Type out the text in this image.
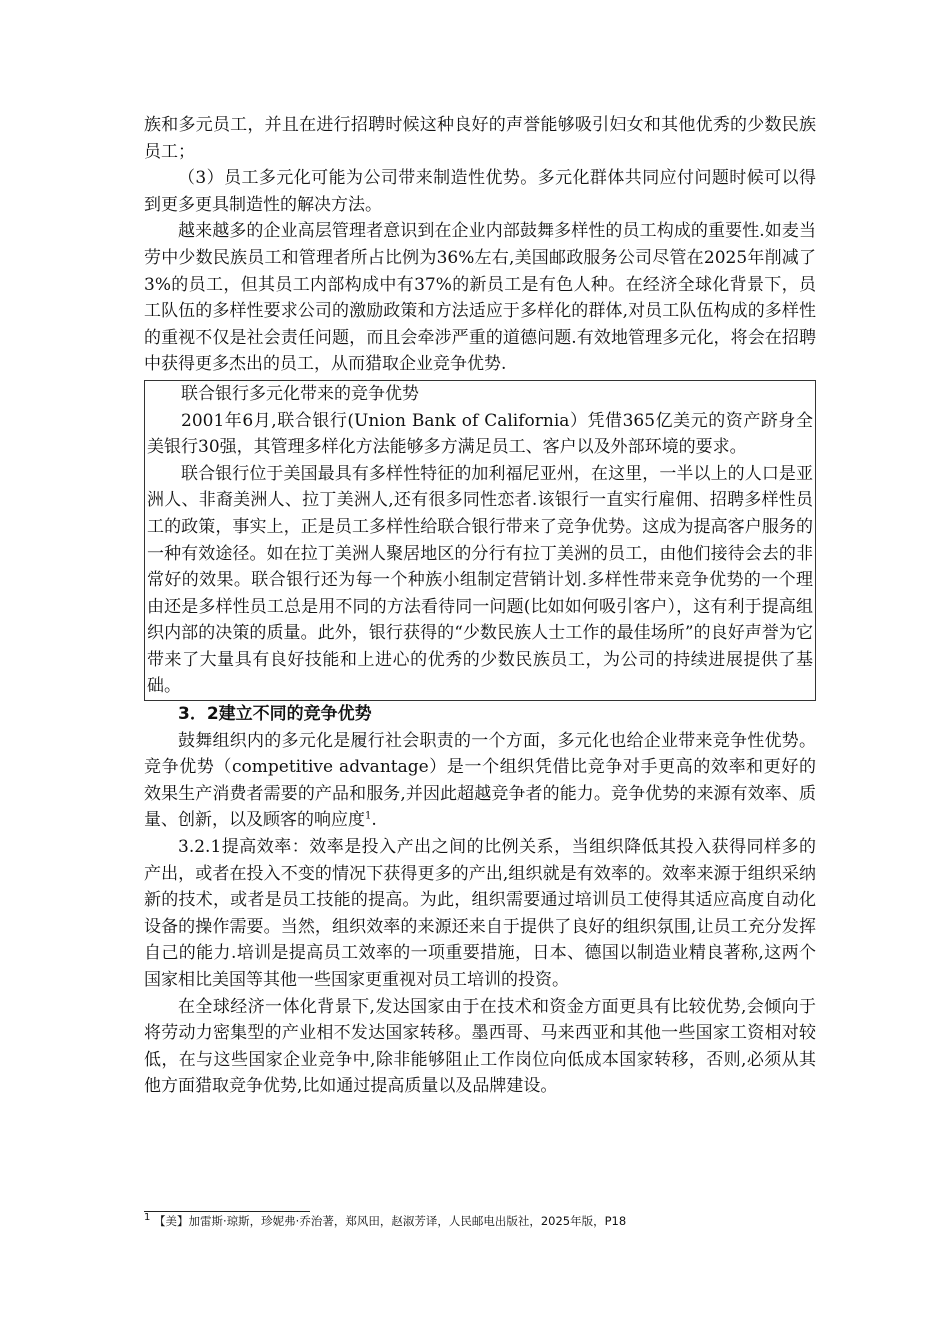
族和多元员工，并且在进行招聘时候这种良好的声誉能够吸引妇女和其他优秀的少数民族员工；

（3）员工多元化可能为公司带来制造性优势。多元化群体共同应付问题时候可以得到更多更具制造性的解决方法。

越来越多的企业高层管理者意识到在企业内部鼓舞多样性的员工构成的重要性.如麦当劳中少数民族员工和管理者所占比例为36%左右,美国邮政服务公司尽管在2025年削减了3%的员工，但其员工内部构成中有37%的新员工是有色人种。在经济全球化背景下，员工队伍的多样性要求公司的激励政策和方法适应于多样化的群体,对员工队伍构成的多样性的重视不仅是社会责任问题，而且会牵涉严重的道德问题.有效地管理多元化，将会在招聘中获得更多杰出的员工，从而猎取企业竞争优势.

联合银行多元化带来的竞争优势

2001年6月,联合银行(Union Bank of California）凭借365亿美元的资产跻身全美银行30强，其管理多样化方法能够多方满足员工、客户以及外部环境的要求。

联合银行位于美国最具有多样性特征的加利福尼亚州，在这里，一半以上的人口是亚洲人、非裔美洲人、拉丁美洲人,还有很多同性恋者.该银行一直实行雇佣、招聘多样性员工的政策，事实上，正是员工多样性给联合银行带来了竞争优势。这成为提高客户服务的一种有效途径。如在拉丁美洲人聚居地区的分行有拉丁美洲的员工，由他们接待会去的非常好的效果。联合银行还为每一个种族小组制定营销计划.多样性带来竞争优势的一个理由还是多样性员工总是用不同的方法看待同一问题(比如如何吸引客户），这有利于提高组织内部的决策的质量。此外，银行获得的“少数民族人士工作的最佳场所”的良好声誉为它带来了大量具有良好技能和上进心的优秀的少数民族员工，为公司的持续进展提供了基础。

3．2建立不同的竞争优势

鼓舞组织内的多元化是履行社会职责的一个方面，多元化也给企业带来竞争性优势。竞争优势（competitive advantage）是一个组织凭借比竞争对手更高的效率和更好的效果生产消费者需要的产品和服务,并因此超越竞争者的能力。竞争优势的来源有效率、质量、创新，以及顾客的响应度$^1$.

3.2.1提高效率：效率是投入产出之间的比例关系，当组织降低其投入获得同样多的产出，或者在投入不变的情况下获得更多的产出,组织就是有效率的。效率来源于组织采纳新的技术，或者是员工技能的提高。为此，组织需要通过培训员工使得其适应高度自动化设备的操作需要。当然，组织效率的来源还来自于提供了良好的组织氛围,让员工充分发挥自己的能力.培训是提高员工效率的一项重要措施，日本、德国以制造业精良著称,这两个国家相比美国等其他一些国家更重视对员工培训的投资。

在全球经济一体化背景下,发达国家由于在技术和资金方面更具有比较优势,会倾向于将劳动力密集型的产业相不发达国家转移。墨西哥、马来西亚和其他一些国家工资相对较低，在与这些国家企业竞争中,除非能够阻止工作岗位向低成本国家转移，否则,必须从其他方面猎取竞争优势,比如通过提高质量以及品牌建设。

$^1$ 【美】加雷斯·琼斯，珍妮弗·乔治著，郑风田，赵淑芳译，人民邮电出版社，2025年版，P18
